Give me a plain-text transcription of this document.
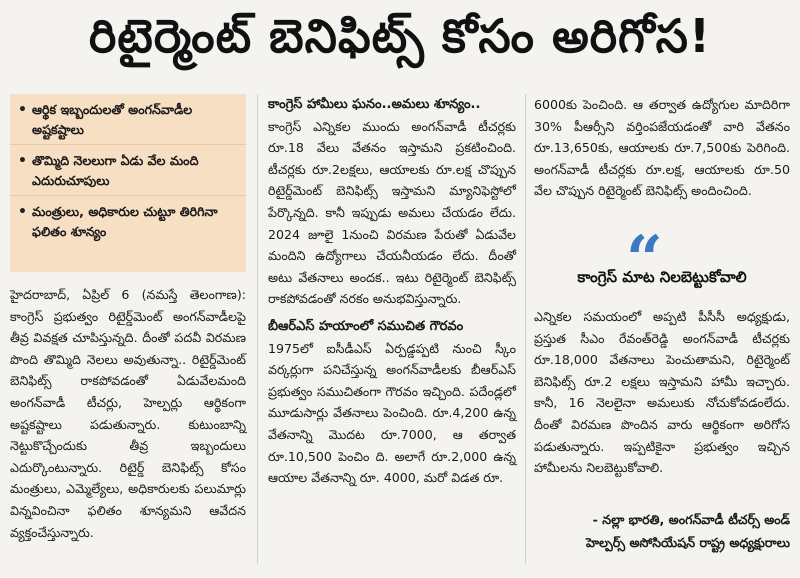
రిటైర్మెంట్ బెనిఫిట్స్ కోసం అరిగోస!
• ఆర్థిక ఇబ్బందులతో అంగన్‌వాడీల అష్టకష్టాలు
• తొమ్మిది నెలలుగా ఏడు వేల మంది ఎదురుచూపులు
• మంత్రులు, అధికారుల చుట్టూ తిరిగినా ఫలితం శూన్యం

హైదరాబాద్, ఏప్రిల్ 6 (నమస్తే తెలంగాణ): కాంగ్రెస్ ప్రభుత్వం రిటైర్డ్‌మెంట్ అంగన్‌వాడీలపై తీవ్ర వివక్షత చూపిస్తున్నది. దీంతో పదవీ విరమణ పొంది తొమ్మిది నెలలు అవుతున్నా.. రిటైర్డ్‌మెంట్ బెనిఫిట్స్ రాకపోవడంతో ఏడువేలమంది అంగన్‌వాడీ టీచర్లు, హెల్పర్లు ఆర్థికంగా అష్టకష్టాలు పడుతున్నారు. కుటుంబాన్ని నెట్టుకొచ్చేందుకు తీవ్ర ఇబ్బందులు ఎదుర్కొంటున్నారు. రిటైర్డ్ బెనిఫిట్స్ కోసం మంత్రులు, ఎమ్మెల్యేలు, అధికారులకు పలుమార్లు విన్నవించినా ఫలితం శూన్యమని ఆవేదన వ్యక్తంచేస్తున్నారు.

కాంగ్రెస్ హామీలు ఘనం..అమలు శూన్యం..

కాంగ్రెస్ ఎన్నికల ముందు అంగన్‌వాడీ టీచర్లకు రూ.18 వేలు వేతనం ఇస్తామని ప్రకటించింది. టీచర్లకు రూ.2లక్షలు, ఆయాలకు రూ.లక్ష చొప్పున రిటైర్డ్‌మెంట్ బెనిఫిట్స్ ఇస్తామని మ్యానిఫెస్టోలో పేర్కొన్నది. కానీ ఇప్పుడు అమలు చేయడం లేదు. 2024 జూలై 1నుంచి విరమణ పేరుతో ఏడువేల మందిని ఉద్యోగాలు చేయనీయడం లేదు. దీంతో అటు వేతనాలు అందక.. ఇటు రిటైర్మెంట్ బెనిఫిట్స్ రాకపోవడంతో నరకం అనుభవిస్తున్నారు.

బీఆర్‌ఎస్ హయాంలో సముచిత గౌరవం

1975లో ఐసీడీఎస్ ఏర్పడ్డప్పటి నుంచి స్కీం వర్కర్లుగా పనిచేస్తున్న అంగన్‌వాడీలకు బీఆర్‌ఎస్ ప్రభుత్వం సముచితంగా గౌరవం ఇచ్చింది. పదేండ్లలో మూడుసార్లు వేతనాలు పెంచింది. రూ.4,200 ఉన్న వేతనాన్ని మొదట రూ.7000, ఆ తర్వాత రూ.10,500 పెంచిం ది. అలాగే రూ.2,000 ఉన్న ఆయాల వేతనాన్ని రూ. 4000, మరో విడత రూ.

6000కు పెంచింది. ఆ తర్వాత ఉద్యోగుల మాదిరిగా 30% పీఆర్సీని వర్తింపజేయడంతో వారి వేతనం రూ.13,650కు, ఆయాలకు రూ.7,500కు పెరిగింది. అంగన్‌వాడీ టీచర్లకు రూ.లక్ష, ఆయాలకు రూ.50 వేల చొప్పున రిటైర్మెంట్ బెనిఫిట్స్ అందించింది.

“
కాంగ్రెస్ మాట నిలబెట్టుకోవాలి

ఎన్నికల సమయంలో అప్పటి పీసీసీ అధ్యక్షుడు, ప్రస్తుత సీఎం రేవంత్‌రెడ్డి అంగన్‌వాడీ టీచర్లకు రూ.18,000 వేతనాలు పెంచుతామని, రిటైర్మెంట్ బెనిఫిట్స్ రూ.2 లక్షలు ఇస్తామని హామీ ఇచ్చారు. కానీ, 16 నెలలైనా అమలుకు నోచుకోవడంలేదు. దీంతో విరమణ పొందిన వారు ఆర్థికంగా అరిగోస పడుతున్నారు. ఇప్పటికైనా ప్రభుత్వం ఇచ్చిన హామీలను నిలబెట్టుకోవాలి.

- నల్లా భారతి, అంగన్‌వాడీ టీచర్స్ అండ్
హెల్పర్స్ అసోసియేషన్ రాష్ట్ర అధ్యక్షురాలు
